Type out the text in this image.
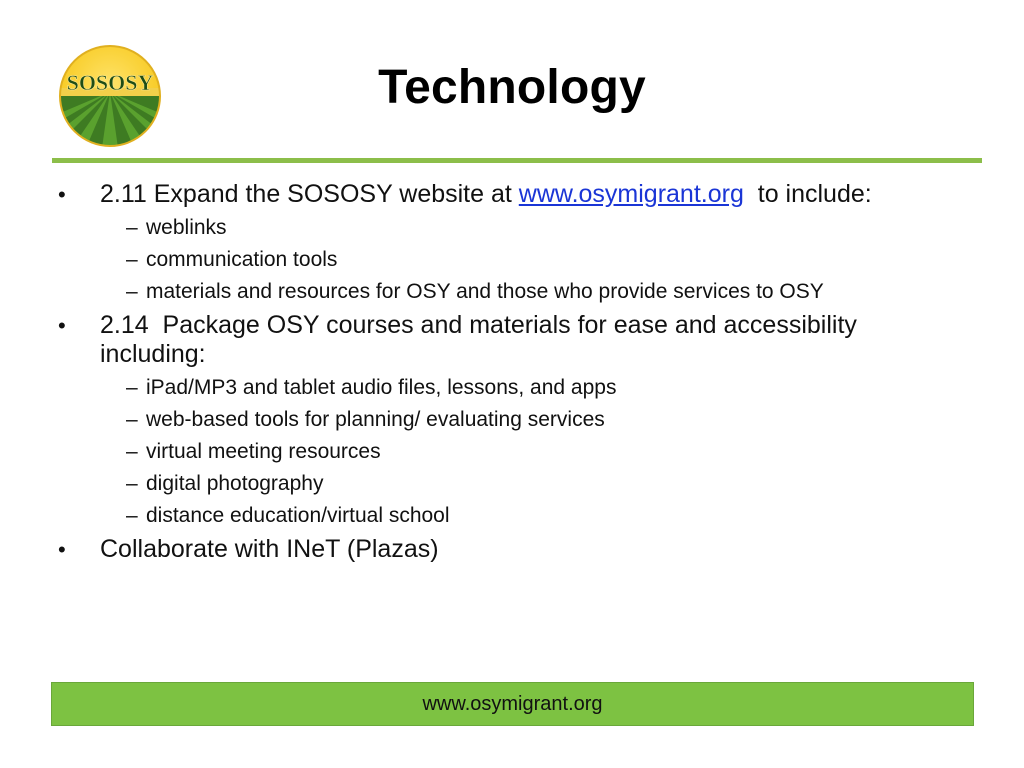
SOSOSY	Technology
• 2.11 Expand the SOSOSY website at www.osymigrant.org  to include:
– weblinks
– communication tools
– materials and resources for OSY and those who provide services to OSY
• 2.14  Package OSY courses and materials for ease and accessibility including:
– iPad/MP3 and tablet audio files, lessons, and apps
– web-based tools for planning/ evaluating services
– virtual meeting resources
– digital photography
– distance education/virtual school
• Collaborate with INeT (Plazas)
www.osymigrant.org
